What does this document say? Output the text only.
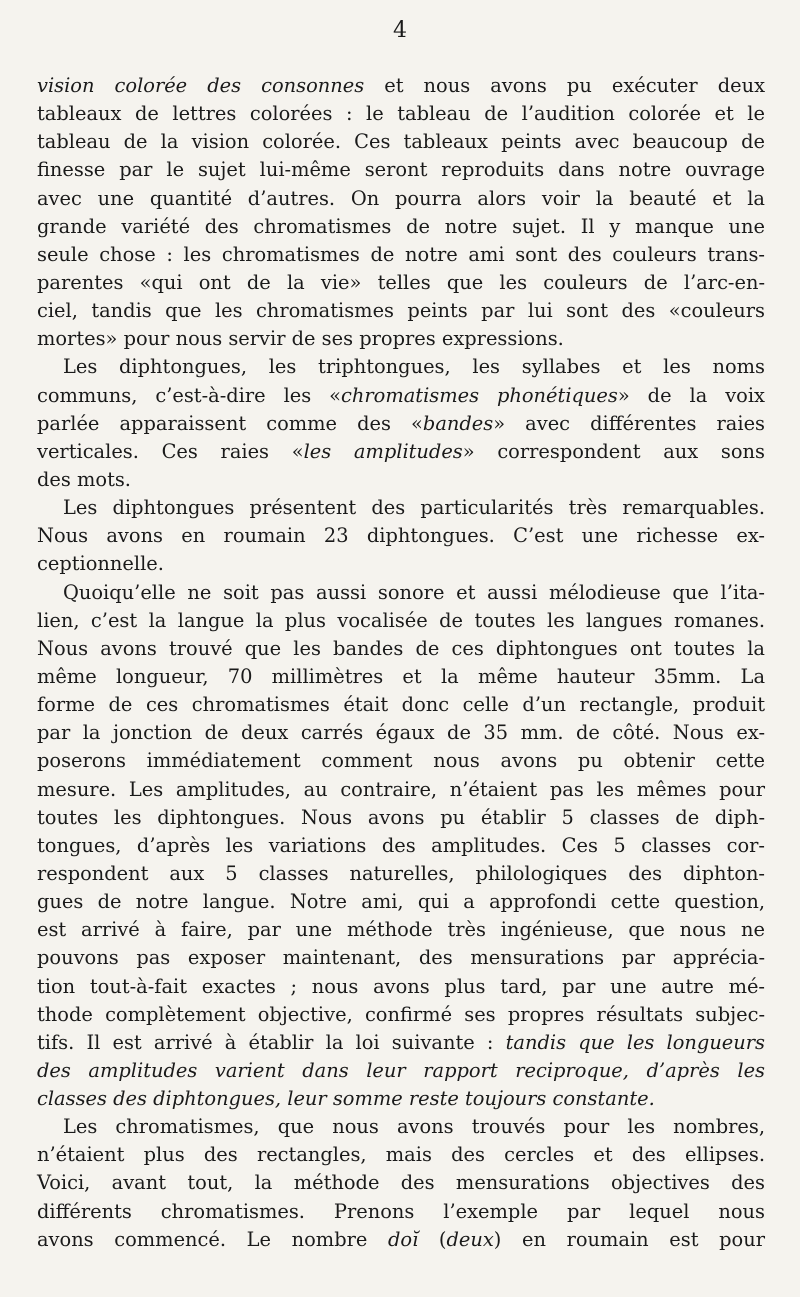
4
vision colorée des consonnes et nous avons pu exécuter deux
tableaux de lettres colorées : le tableau de l’audition colorée et le
tableau de la vision colorée. Ces tableaux peints avec beaucoup de
finesse par le sujet lui-même seront reproduits dans notre ouvrage
avec une quantité d’autres. On pourra alors voir la beauté et la
grande variété des chromatismes de notre sujet. Il y manque une
seule chose : les chromatismes de notre ami sont des couleurs trans-
parentes «qui ont de la vie» telles que les couleurs de l’arc-en-
ciel, tandis que les chromatismes peints par lui sont des «couleurs
mortes» pour nous servir de ses propres expressions.
Les diphtongues, les triphtongues, les syllabes et les noms
communs, c’est-à-dire les «chromatismes phonétiques» de la voix
parlée apparaissent comme des «bandes» avec différentes raies
verticales. Ces raies «les amplitudes» correspondent aux sons
des mots.
Les diphtongues présentent des particularités très remarquables.
Nous avons en roumain 23 diphtongues. C’est une richesse ex-
ceptionnelle.
Quoiqu’elle ne soit pas aussi sonore et aussi mélodieuse que l’ita-
lien, c’est la langue la plus vocalisée de toutes les langues romanes.
Nous avons trouvé que les bandes de ces diphtongues ont toutes la
même longueur, 70 millimètres et la même hauteur 35mm. La
forme de ces chromatismes était donc celle d’un rectangle, produit
par la jonction de deux carrés égaux de 35 mm. de côté. Nous ex-
poserons immédiatement comment nous avons pu obtenir cette
mesure. Les amplitudes, au contraire, n’étaient pas les mêmes pour
toutes les diphtongues. Nous avons pu établir 5 classes de diph-
tongues, d’après les variations des amplitudes. Ces 5 classes cor-
respondent aux 5 classes naturelles, philologiques des diphton-
gues de notre langue. Notre ami, qui a approfondi cette question,
est arrivé à faire, par une méthode très ingénieuse, que nous ne
pouvons pas exposer maintenant, des mensurations par apprécia-
tion tout-à-fait exactes ; nous avons plus tard, par une autre mé-
thode complètement objective, confirmé ses propres résultats subjec-
tifs. Il est arrivé à établir la loi suivante : tandis que les longueurs
des amplitudes varient dans leur rapport reciproque, d’après les
classes des diphtongues, leur somme reste toujours constante.
Les chromatismes, que nous avons trouvés pour les nombres,
n’étaient plus des rectangles, mais des cercles et des ellipses.
Voici, avant tout, la méthode des mensurations objectives des
différents chromatismes. Prenons l’exemple par lequel nous
avons commencé. Le nombre doĭ (deux) en roumain est pour
